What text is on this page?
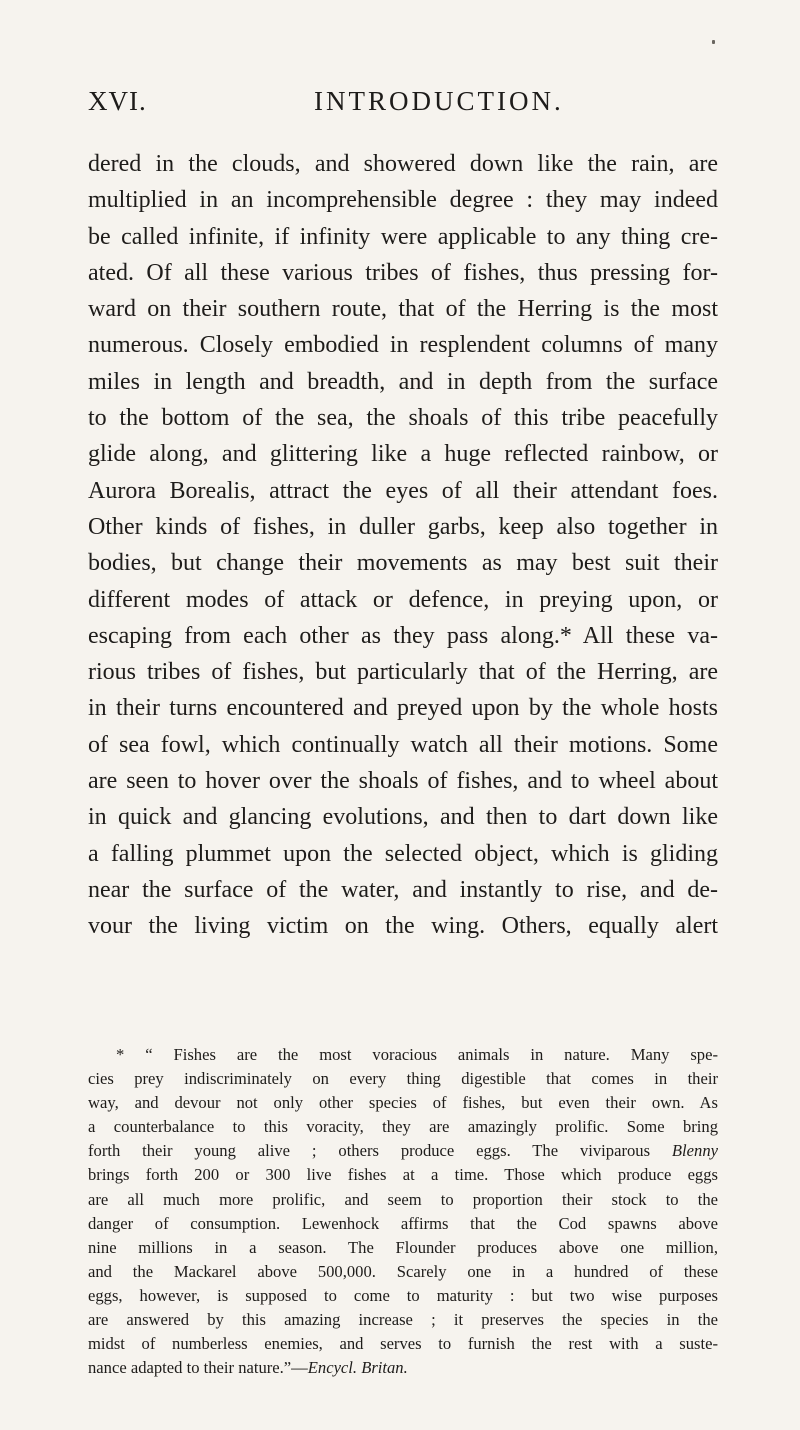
XVI.	INTRODUCTION.
dered in the clouds, and showered down like the rain, are
multiplied in an incomprehensible degree : they may indeed
be called infinite, if infinity were applicable to any thing cre-
ated. Of all these various tribes of fishes, thus pressing for-
ward on their southern route, that of the Herring is the most
numerous. Closely embodied in resplendent columns of many
miles in length and breadth, and in depth from the surface
to the bottom of the sea, the shoals of this tribe peacefully
glide along, and glittering like a huge reflected rainbow, or
Aurora Borealis, attract the eyes of all their attendant foes.
Other kinds of fishes, in duller garbs, keep also together in
bodies, but change their movements as may best suit their
different modes of attack or defence, in preying upon, or
escaping from each other as they pass along.* All these va-
rious tribes of fishes, but particularly that of the Herring, are
in their turns encountered and preyed upon by the whole hosts
of sea fowl, which continually watch all their motions. Some
are seen to hover over the shoals of fishes, and to wheel about
in quick and glancing evolutions, and then to dart down like
a falling plummet upon the selected object, which is gliding
near the surface of the water, and instantly to rise, and de-
vour the living victim on the wing. Others, equally alert
* “ Fishes are the most voracious animals in nature. Many spe-
cies prey indiscriminately on every thing digestible that comes in their
way, and devour not only other species of fishes, but even their own. As
a counterbalance to this voracity, they are amazingly prolific. Some bring
forth their young alive ; others produce eggs. The viviparous Blenny
brings forth 200 or 300 live fishes at a time. Those which produce eggs
are all much more prolific, and seem to proportion their stock to the
danger of consumption. Lewenhock affirms that the Cod spawns above
nine millions in a season. The Flounder produces above one million,
and the Mackarel above 500,000. Scarely one in a hundred of these
eggs, however, is supposed to come to maturity : but two wise purposes
are answered by this amazing increase ; it preserves the species in the
midst of numberless enemies, and serves to furnish the rest with a suste-
nance adapted to their nature.”—Encycl. Britan.
